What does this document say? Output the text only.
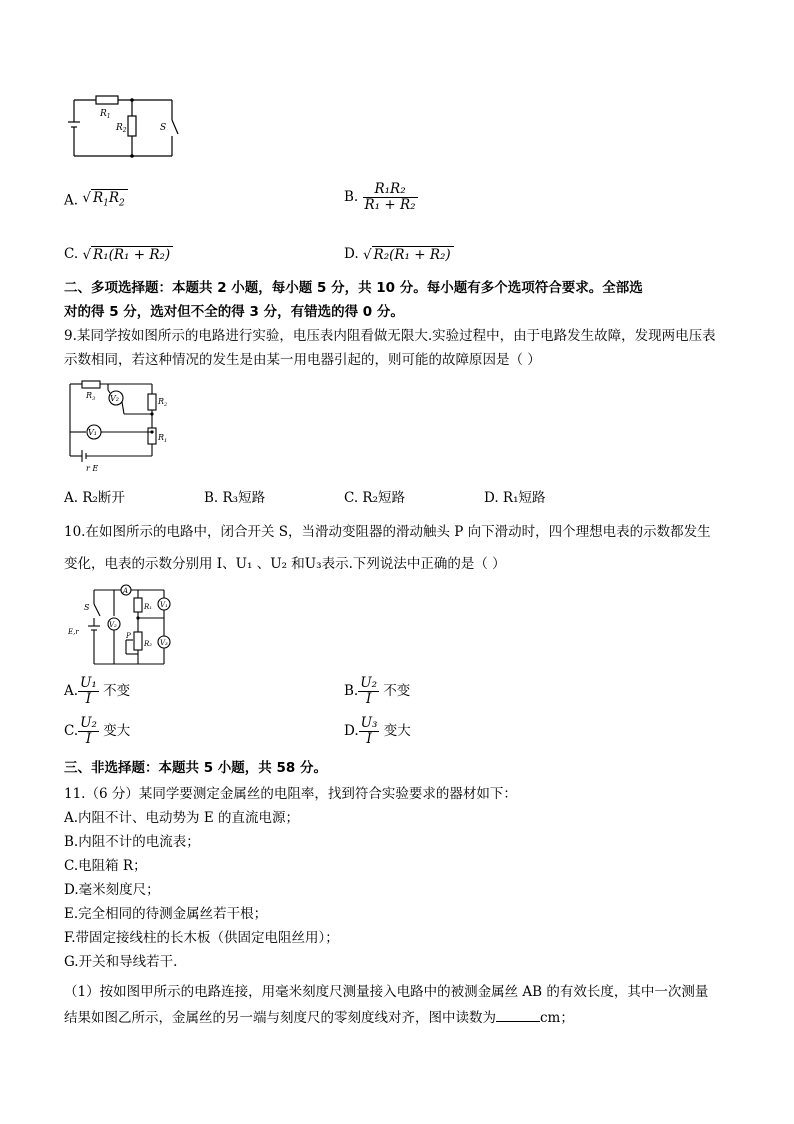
$R_1$
$R_2$	S
A. √ $R_1R_2$	B. $\frac{\text{R₁R₂}}{\text{R₁ + R₂}}$
C. √ R₁(R₁ + R₂)	D. √ R₂(R₁ + R₂)
二、多项选择题：本题共 2 小题，每小题 5 分，共 10 分。每小题有多个选项符合要求。全部选
对的得 5 分，选对但不全的得 3 分，有错选的得 0 分。
9.某同学按如图所示的电路进行实验，电压表内阻看做无限大.实验过程中，由于电路发生故障，发现两电压表
示数相同，若这种情况的发生是由某一用电器引起的，则可能的故障原因是（ ）
$R_3$ V₂	$R_2$
V₁
$R_1$
r E
A. R₂断开	B. R₃短路	C. R₂短路	D. R₁短路
10.在如图所示的电路中，闭合开关 S，当滑动变阻器的滑动触头 P 向下滑动时，四个理想电表的示数都发生
变化，电表的示数分别用 I、U₁ 、U₂ 和U₃表示.下列说法中正确的是（ ）
A
S	R₁ V₁
E,r
V₂
P
R₂ V₃
A. $\frac{\text{U₁}}{I}$ 不变	B. $\frac{\text{U₂}}{I}$ 不变
C. $\frac{\text{U₂}}{I}$ 变大	D. $\frac{\text{U₃}}{I}$ 变大
三、非选择题：本题共 5 小题，共 58 分。
11.（6 分）某同学要测定金属丝的电阻率，找到符合实验要求的器材如下：
A.内阻不计、电动势为 E 的直流电源；
B.内阻不计的电流表；
C.电阻箱 R；
D.毫米刻度尺；
E.完全相同的待测金属丝若干根；
F.带固定接线柱的长木板（供固定电阻丝用）；
G.开关和导线若干.
（1）按如图甲所示的电路连接，用毫米刻度尺测量接入电路中的被测金属丝 AB 的有效长度，其中一次测量
结果如图乙所示，金属丝的另一端与刻度尺的零刻度线对齐，图中读数为	cm；
